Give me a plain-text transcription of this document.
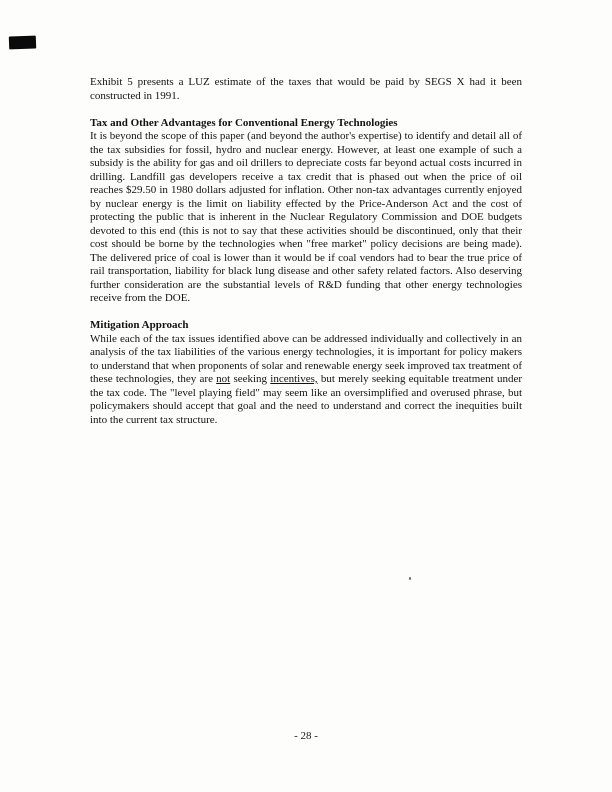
Exhibit 5 presents a LUZ estimate of the taxes that would be paid by SEGS X had it been constructed in 1991.

Tax and Other Advantages for Conventional Energy Technologies

It is beyond the scope of this paper (and beyond the author's expertise) to identify and detail all of the tax subsidies for fossil, hydro and nuclear energy. However, at least one example of such a subsidy is the ability for gas and oil drillers to depreciate costs far beyond actual costs incurred in drilling. Landfill gas developers receive a tax credit that is phased out when the price of oil reaches $29.50 in 1980 dollars adjusted for inflation. Other non-tax advantages currently enjoyed by nuclear energy is the limit on liability effected by the Price-Anderson Act and the cost of protecting the public that is inherent in the Nuclear Regulatory Commission and DOE budgets devoted to this end (this is not to say that these activities should be discontinued, only that their cost should be borne by the technologies when "free market" policy decisions are being made). The delivered price of coal is lower than it would be if coal vendors had to bear the true price of rail transportation, liability for black lung disease and other safety related factors. Also deserving further consideration are the substantial levels of R&D funding that other energy technologies receive from the DOE.

Mitigation Approach

While each of the tax issues identified above can be addressed individually and collectively in an analysis of the tax liabilities of the various energy technologies, it is important for policy makers to understand that when proponents of solar and renewable energy seek improved tax treatment of these technologies, they are not seeking incentives, but merely seeking equitable treatment under the tax code. The "level playing field" may seem like an oversimplified and overused phrase, but policymakers should accept that goal and the need to understand and correct the inequities built into the current tax structure.

- 28 -
